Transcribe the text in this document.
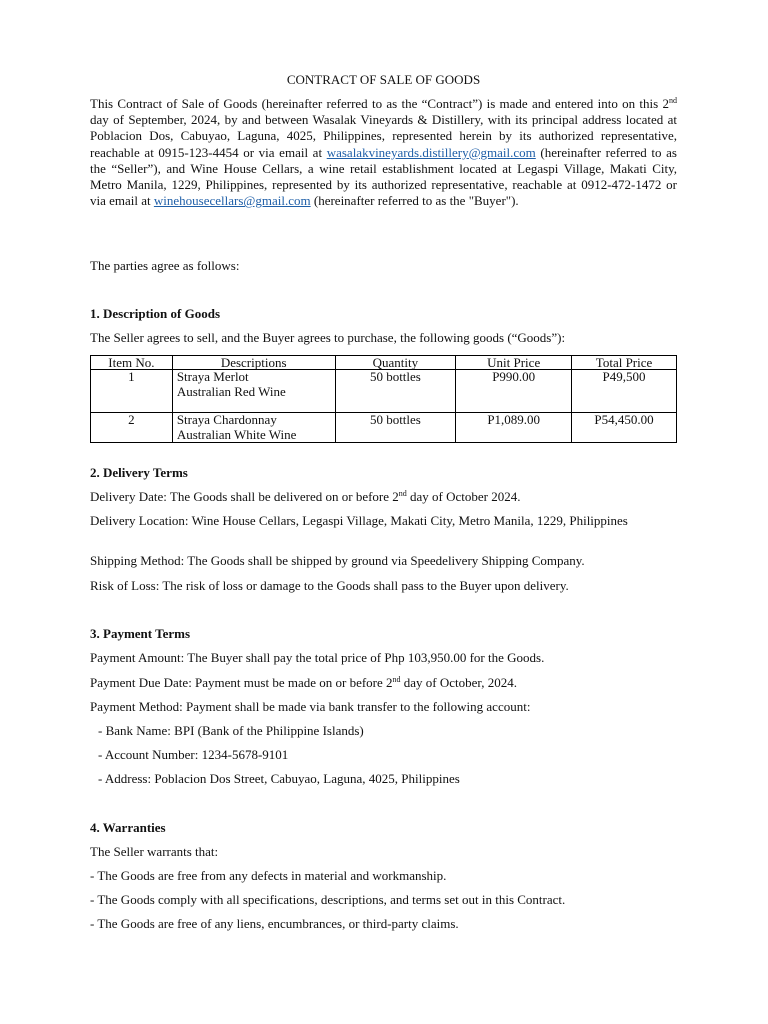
CONTRACT OF SALE OF GOODS
This Contract of Sale of Goods (hereinafter referred to as the “Contract”) is made and entered into on this 2nd day of September, 2024, by and between Wasalak Vineyards & Distillery, with its principal address located at Poblacion Dos, Cabuyao, Laguna, 4025, Philippines, represented herein by its authorized representative, reachable at 0915-123-4454 or via email at wasalakvineyards.distillery@gmail.com (hereinafter referred to as the “Seller”), and Wine House Cellars, a wine retail establishment located at Legaspi Village, Makati City, Metro Manila, 1229, Philippines, represented by its authorized representative, reachable at 0912-472-1472 or via email at winehousecellars@gmail.com (hereinafter referred to as the "Buyer").
The parties agree as follows:
1. Description of Goods
The Seller agrees to sell, and the Buyer agrees to purchase, the following goods (“Goods”):
Item No.	Descriptions	Quantity	Unit Price	Total Price
1	Straya Merlot
Australian Red Wine	50 bottles	P990.00	P49,500
2	Straya Chardonnay
Australian White Wine	50 bottles	P1,089.00	P54,450.00
2. Delivery Terms
Delivery Date: The Goods shall be delivered on or before 2nd day of October 2024.
Delivery Location: Wine House Cellars, Legaspi Village, Makati City, Metro Manila, 1229, Philippines
Shipping Method: The Goods shall be shipped by ground via Speedelivery Shipping Company.
Risk of Loss: The risk of loss or damage to the Goods shall pass to the Buyer upon delivery.
3. Payment Terms
Payment Amount: The Buyer shall pay the total price of Php 103,950.00 for the Goods.
Payment Due Date: Payment must be made on or before 2nd day of October, 2024.
Payment Method: Payment shall be made via bank transfer to the following account:
- Bank Name: BPI (Bank of the Philippine Islands)
- Account Number: 1234-5678-9101
- Address: Poblacion Dos Street, Cabuyao, Laguna, 4025, Philippines
4. Warranties
The Seller warrants that:
- The Goods are free from any defects in material and workmanship.
- The Goods comply with all specifications, descriptions, and terms set out in this Contract.
- The Goods are free of any liens, encumbrances, or third-party claims.
